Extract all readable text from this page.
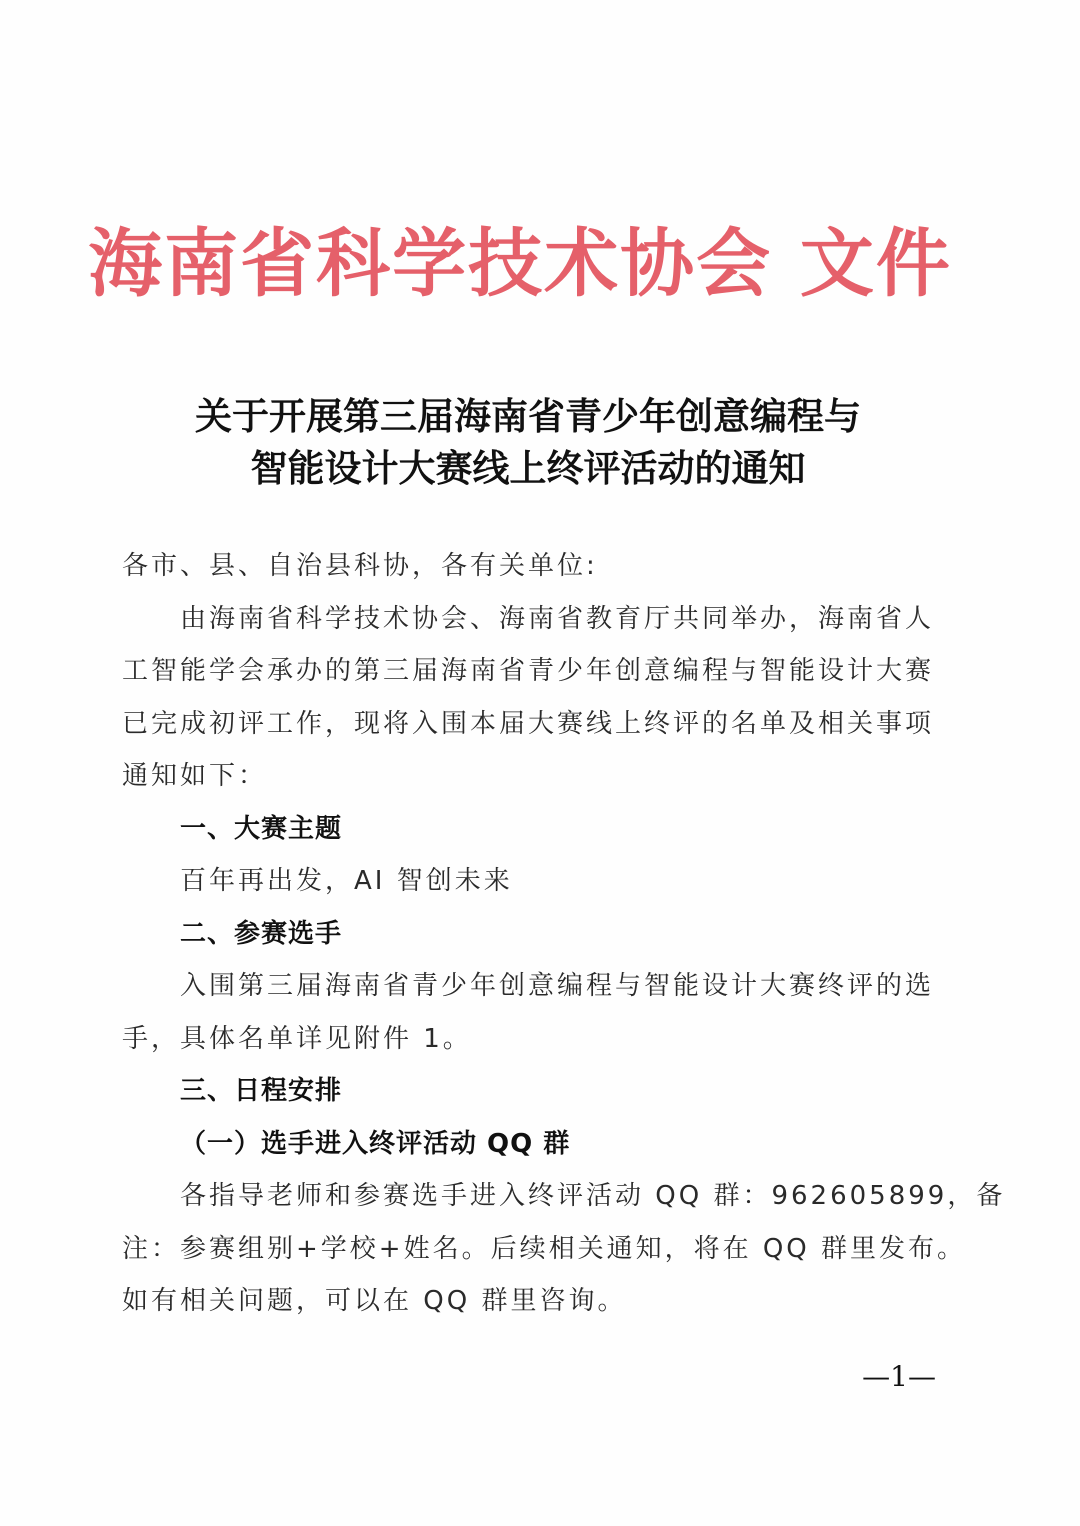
海南省科学技术协会 文件
关于开展第三届海南省青少年创意编程与
智能设计大赛线上终评活动的通知
各市、县、自治县科协，各有关单位:
由海南省科学技术协会、海南省教育厅共同举办，海南省人
工智能学会承办的第三届海南省青少年创意编程与智能设计大赛
已完成初评工作，现将入围本届大赛线上终评的名单及相关事项
通知如下：
一、大赛主题
百年再出发，AI 智创未来
二、参赛选手
入围第三届海南省青少年创意编程与智能设计大赛终评的选
手，具体名单详见附件 1。
三、日程安排
（一）选手进入终评活动 QQ 群
各指导老师和参赛选手进入终评活动 QQ 群：962605899，备
注：参赛组别+学校+姓名。后续相关通知，将在 QQ 群里发布。
如有相关问题，可以在 QQ 群里咨询。
—1—
